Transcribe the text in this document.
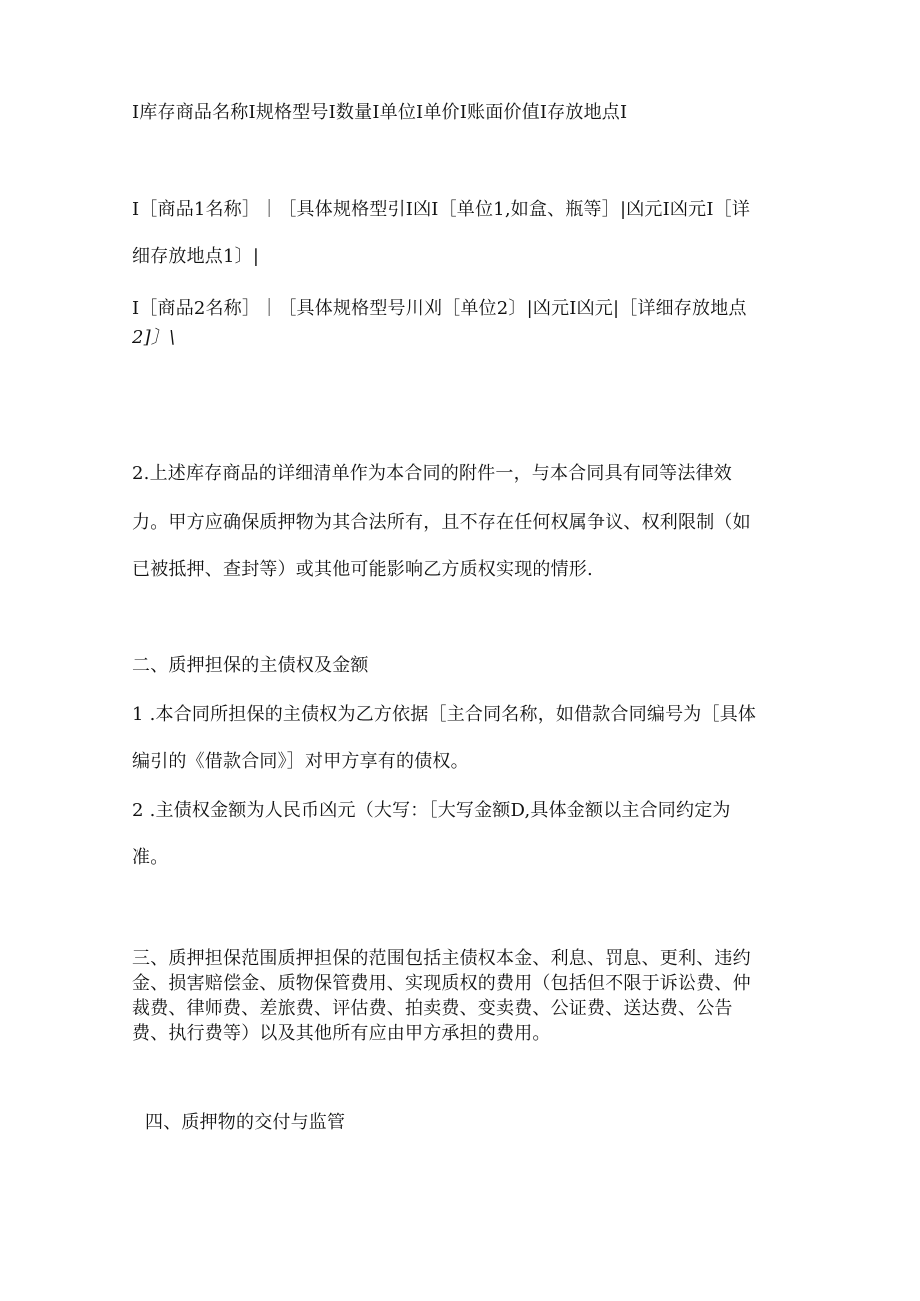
I库存商品名称I规格型号I数量I单位I单价I账面价值I存放地点I
I［商品1名称］｜［具体规格型引I凶I［单位1,如盒、瓶等］|凶元I凶元I［详
细存放地点1〕|
I［商品2名称］｜［具体规格型号川刈［单位2〕|凶元I凶元|［详细存放地点
2]〕\
2.上述库存商品的详细清单作为本合同的附件一，与本合同具有同等法律效
力。甲方应确保质押物为其合法所有，且不存在任何权属争议、权利限制（如
已被抵押、查封等）或其他可能影响乙方质权实现的情形.
二、质押担保的主债权及金额
1 .本合同所担保的主债权为乙方依据［主合同名称，如借款合同编号为［具体
编引的《借款合同》］对甲方享有的债权。
2 .主债权金额为人民币凶元（大写：［大写金额D,具体金额以主合同约定为
准。
三、质押担保范围质押担保的范围包括主债权本金、利息、罚息、更利、违约
金、损害赔偿金、质物保管费用、实现质权的费用（包括但不限于诉讼费、仲
裁费、律师费、差旅费、评估费、拍卖费、变卖费、公证费、送达费、公告
费、执行费等）以及其他所有应由甲方承担的费用。
四、质押物的交付与监管
